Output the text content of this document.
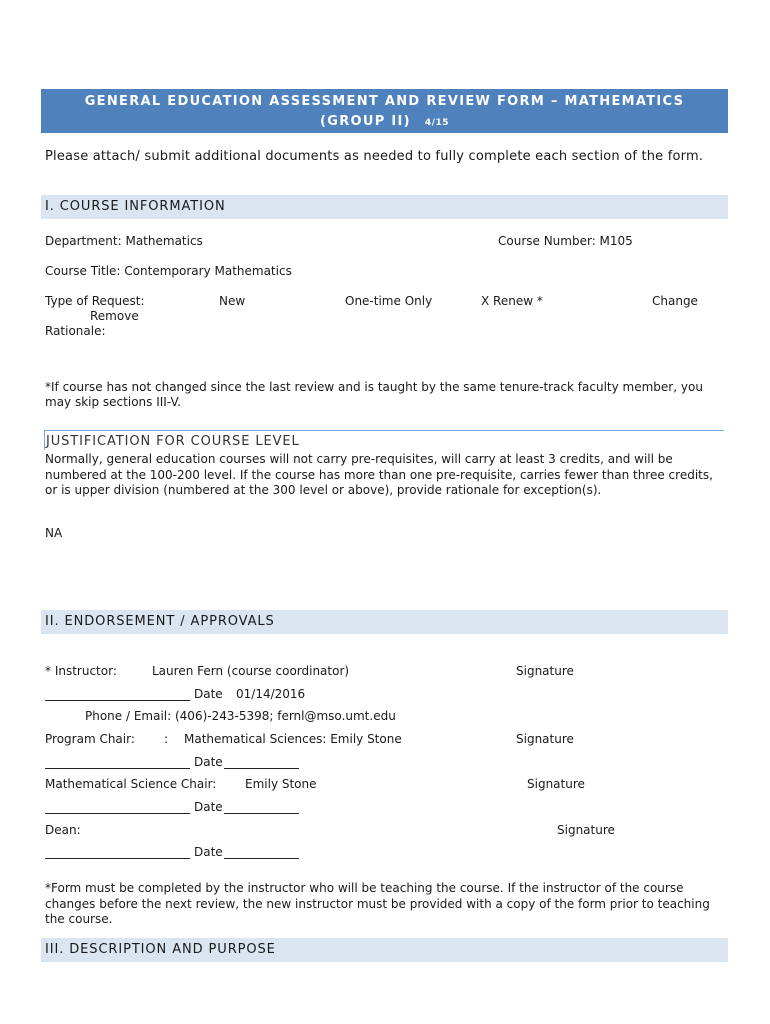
GENERAL EDUCATION ASSESSMENT AND REVIEW FORM – MATHEMATICS
(GROUP II) 4/15
Please attach/ submit additional documents as needed to fully complete each section of the form.
I. COURSE INFORMATION
Department: Mathematics	Course Number: M105
Course Title: Contemporary Mathematics
Type of Request:	New	One-time Only	X Renew *	Change
Remove
Rationale:
*If course has not changed since the last review and is taught by the same tenure-track faculty member, you may skip sections III-V.
JUSTIFICATION FOR COURSE LEVEL
Normally, general education courses will not carry pre-requisites, will carry at least 3 credits, and will be numbered at the 100-200 level. If the course has more than one pre-requisite, carries fewer than three credits, or is upper division (numbered at the 300 level or above), provide rationale for exception(s).
NA
II. ENDORSEMENT / APPROVALS
* Instructor:	Lauren Fern (course coordinator)	Signature
Date 01/14/2016
Phone / Email: (406)-243-5398; fernl@mso.umt.edu
Program Chair: : Mathematical Sciences: Emily Stone	Signature
Date
Mathematical Science Chair: Emily Stone	Signature
Date
Dean:	Signature
Date
*Form must be completed by the instructor who will be teaching the course. If the instructor of the course changes before the next review, the new instructor must be provided with a copy of the form prior to teaching the course.
III. DESCRIPTION AND PURPOSE
